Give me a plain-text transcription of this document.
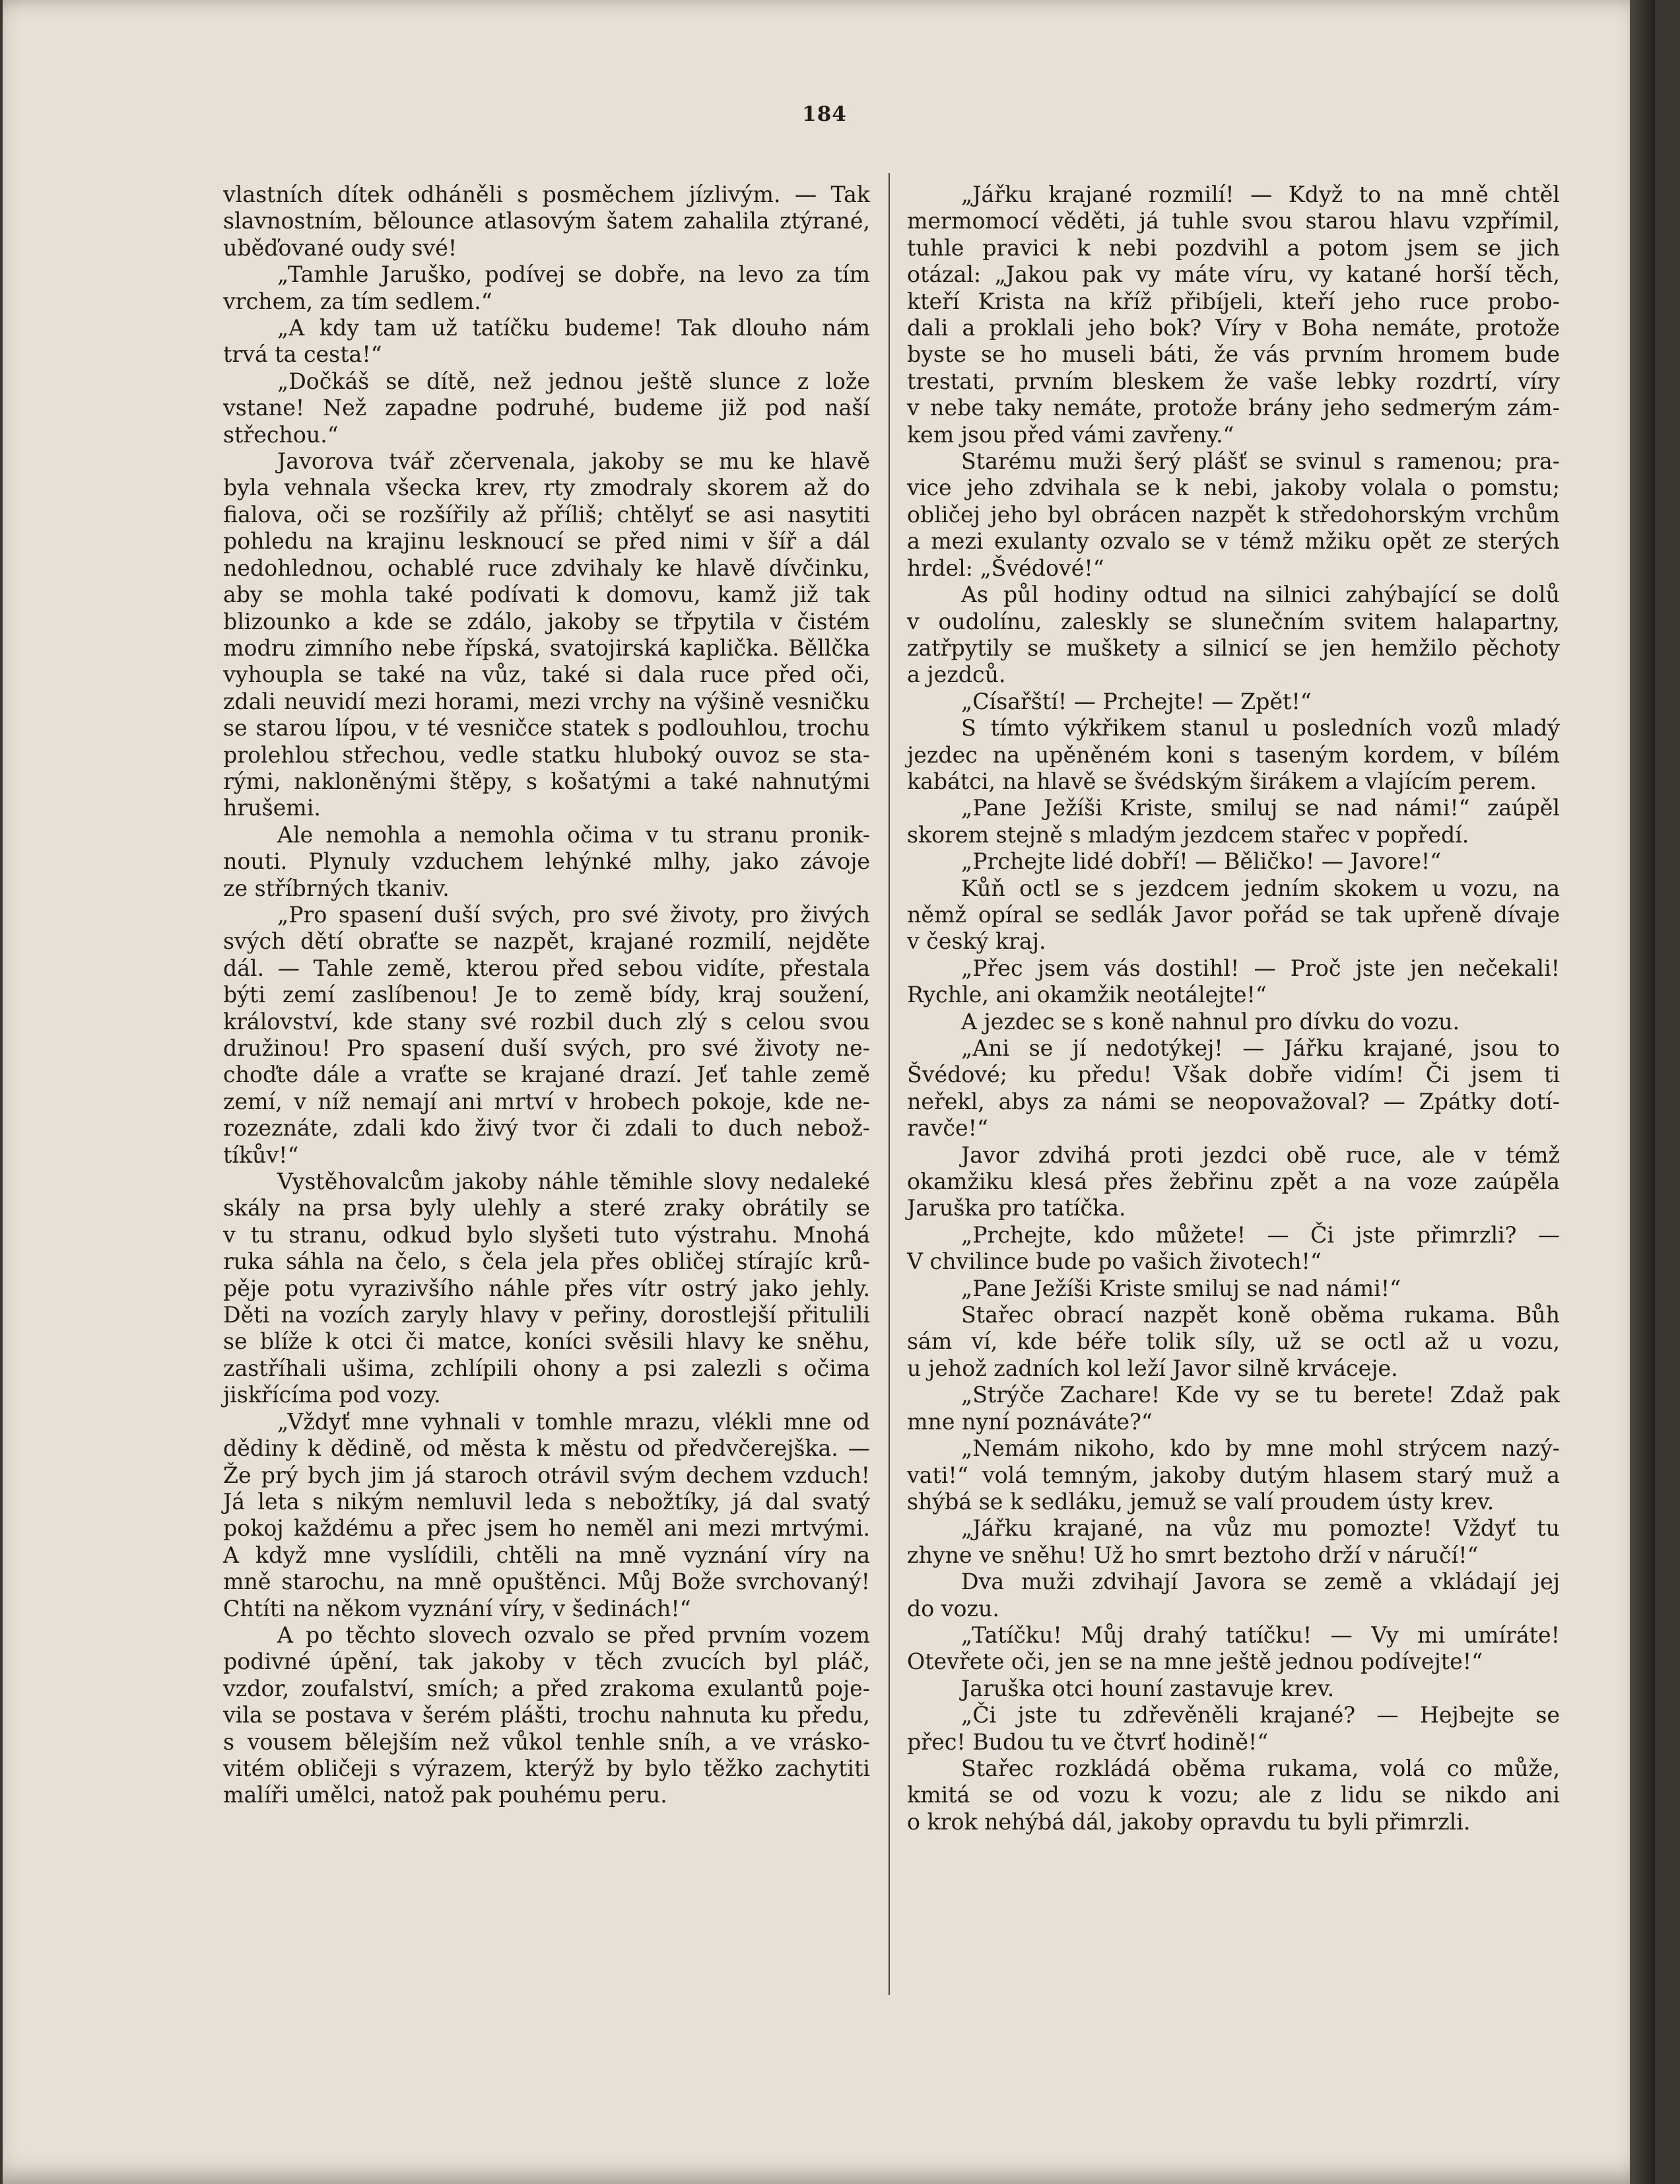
184
vlastních dítek odháněli s posměchem jízlivým. — Tak
slavnostním, bělounce atlasovým šatem zahalila ztýrané,
uběďované oudy své!
„Tamhle Jaruško, podívej se dobře, na levo za tím
vrchem, za tím sedlem.“
„A kdy tam už tatíčku budeme! Tak dlouho nám
trvá ta cesta!“
„Dočkáš se dítě, než jednou ještě slunce z lože
vstane! Než zapadne podruhé, budeme již pod naší
střechou.“
Javorova tvář zčervenala, jakoby se mu ke hlavě
byla vehnala všecka krev, rty zmodraly skorem až do
fialova, oči se rozšířily až příliš; chtělyť se asi nasytiti
pohledu na krajinu lesknoucí se před nimi v šíř a dál
nedohlednou, ochablé ruce zdvihaly ke hlavě dívčinku,
aby se mohla také podívati k domovu, kamž již tak
blizounko a kde se zdálo, jakoby se třpytila v čistém
modru zimního nebe řípská, svatojirská kaplička. Běllčka
vyhoupla se také na vůz, také si dala ruce před oči,
zdali neuvidí mezi horami, mezi vrchy na výšině vesničku
se starou lípou, v té vesničce statek s podlouhlou, trochu
prolehlou střechou, vedle statku hluboký ouvoz se sta-
rými, nakloněnými štěpy, s košatými a také nahnutými
hrušemi.
Ale nemohla a nemohla očima v tu stranu pronik-
nouti. Plynuly vzduchem lehýnké mlhy, jako závoje
ze stříbrných tkaniv.
„Pro spasení duší svých, pro své životy, pro živých
svých dětí obraťte se nazpět, krajané rozmilí, nejděte
dál. — Tahle země, kterou před sebou vidíte, přestala
býti zemí zaslíbenou! Je to země bídy, kraj soužení,
království, kde stany své rozbil duch zlý s celou svou
družinou! Pro spasení duší svých, pro své životy ne-
choďte dále a vraťte se krajané drazí. Jeť tahle země
zemí, v níž nemají ani mrtví v hrobech pokoje, kde ne-
rozeznáte, zdali kdo živý tvor či zdali to duch nebož-
tíkův!“
Vystěhovalcům jakoby náhle těmihle slovy nedaleké
skály na prsa byly ulehly a steré zraky obrátily se
v tu stranu, odkud bylo slyšeti tuto výstrahu. Mnohá
ruka sáhla na čelo, s čela jela přes obličej stírajíc krů-
pěje potu vyrazivšího náhle přes vítr ostrý jako jehly.
Děti na vozích zaryly hlavy v peřiny, dorostlejší přitulili
se blíže k otci či matce, koníci svěsili hlavy ke sněhu,
zastříhali ušima, zchlípili ohony a psi zalezli s očima
jiskřícíma pod vozy.
„Vždyť mne vyhnali v tomhle mrazu, vlékli mne od
dědiny k dědině, od města k městu od předvčerejška. —
Že prý bych jim já staroch otrávil svým dechem vzduch!
Já leta s nikým nemluvil leda s nebožtíky, já dal svatý
pokoj každému a přec jsem ho neměl ani mezi mrtvými.
A když mne vyslídili, chtěli na mně vyznání víry na
mně starochu, na mně opuštěnci. Můj Bože svrchovaný!
Chtíti na někom vyznání víry, v šedinách!“
A po těchto slovech ozvalo se před prvním vozem
podivné úpění, tak jakoby v těch zvucích byl pláč,
vzdor, zoufalství, smích; a před zrakoma exulantů poje-
vila se postava v šerém plášti, trochu nahnuta ku předu,
s vousem bělejším než vůkol tenhle sníh, a ve vrásko-
vitém obličeji s výrazem, kterýž by bylo těžko zachytiti
malíři umělci, natož pak pouhému peru.
„Jářku krajané rozmilí! — Když to na mně chtěl
mermomocí věděti, já tuhle svou starou hlavu vzpřímil,
tuhle pravici k nebi pozdvihl a potom jsem se jich
otázal: „Jakou pak vy máte víru, vy katané horší těch,
kteří Krista na kříž přibíjeli, kteří jeho ruce probo-
dali a proklali jeho bok? Víry v Boha nemáte, protože
byste se ho museli báti, že vás prvním hromem bude
trestati, prvním bleskem že vaše lebky rozdrtí, víry
v nebe taky nemáte, protože brány jeho sedmerým zám-
kem jsou před vámi zavřeny.“
Starému muži šerý plášť se svinul s ramenou; pra-
vice jeho zdvihala se k nebi, jakoby volala o pomstu;
obličej jeho byl obrácen nazpět k středohorským vrchům
a mezi exulanty ozvalo se v témž mžiku opět ze sterých
hrdel: „Švédové!“
As půl hodiny odtud na silnici zahýbající se dolů
v oudolínu, zaleskly se slunečním svitem halapartny,
zatřpytily se muškety a silnicí se jen hemžilo pěchoty
a jezdců.
„Císařští! — Prchejte! — Zpět!“
S tímto výkřikem stanul u posledních vozů mladý
jezdec na upěněném koni s taseným kordem, v bílém
kabátci, na hlavě se švédským širákem a vlajícím perem.
„Pane Ježíši Kriste, smiluj se nad námi!“ zaúpěl
skorem stejně s mladým jezdcem stařec v popředí.
„Prchejte lidé dobří! — Běličko! — Javore!“
Kůň octl se s jezdcem jedním skokem u vozu, na
němž opíral se sedlák Javor pořád se tak upřeně dívaje
v český kraj.
„Přec jsem vás dostihl! — Proč jste jen nečekali!
Rychle, ani okamžik neotálejte!“
A jezdec se s koně nahnul pro dívku do vozu.
„Ani se jí nedotýkej! — Jářku krajané, jsou to
Švédové; ku předu! Však dobře vidím! Či jsem ti
neřekl, abys za námi se neopovažoval? — Zpátky dotí-
ravče!“
Javor zdvihá proti jezdci obě ruce, ale v témž
okamžiku klesá přes žebřinu zpět a na voze zaúpěla
Jaruška pro tatíčka.
„Prchejte, kdo můžete! — Či jste přimrzli? —
V chvilince bude po vašich životech!“
„Pane Ježíši Kriste smiluj se nad námi!“
Stařec obrací nazpět koně oběma rukama. Bůh
sám ví, kde béře tolik síly, už se octl až u vozu,
u jehož zadních kol leží Javor silně krváceje.
„Strýče Zachare! Kde vy se tu berete! Zdaž pak
mne nyní poznáváte?“
„Nemám nikoho, kdo by mne mohl strýcem nazý-
vati!“ volá temným, jakoby dutým hlasem starý muž a
shýbá se k sedláku, jemuž se valí proudem ústy krev.
„Jářku krajané, na vůz mu pomozte! Vždyť tu
zhyne ve sněhu! Už ho smrt beztoho drží v náručí!“
Dva muži zdvihají Javora se země a vkládají jej
do vozu.
„Tatíčku! Můj drahý tatíčku! — Vy mi umíráte!
Otevřete oči, jen se na mne ještě jednou podívejte!“
Jaruška otci houní zastavuje krev.
„Či jste tu zdřevěněli krajané? — Hejbejte se
přec! Budou tu ve čtvrť hodině!“
Stařec rozkládá oběma rukama, volá co může,
kmitá se od vozu k vozu; ale z lidu se nikdo ani
o krok nehýbá dál, jakoby opravdu tu byli přimrzli.
